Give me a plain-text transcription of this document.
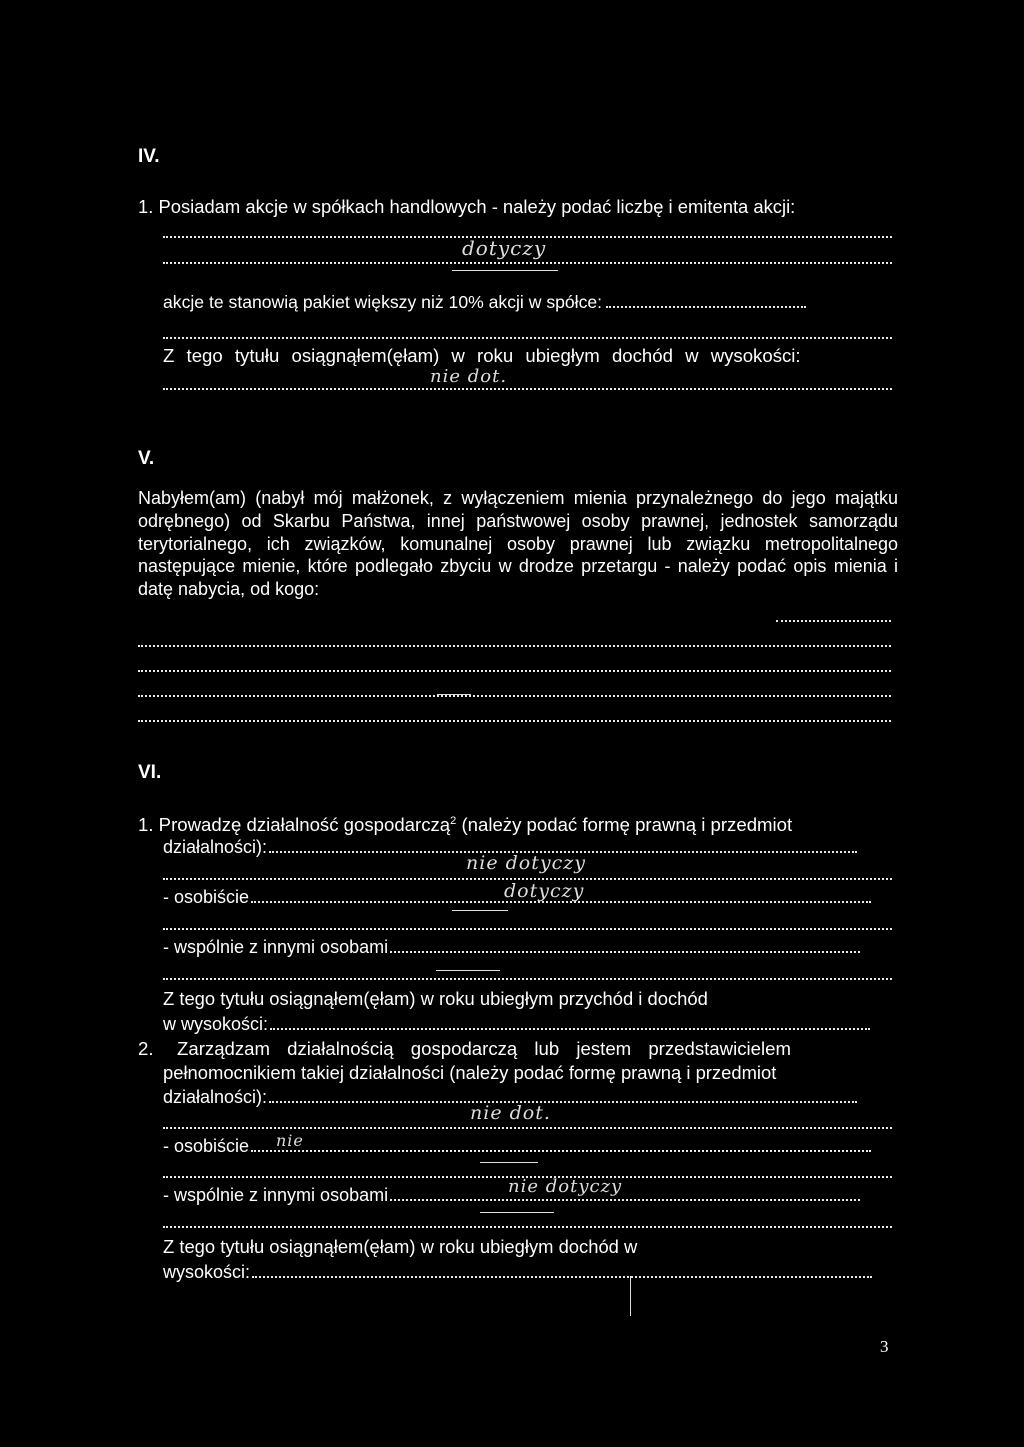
IV.
1. Posiadam akcje w spółkach handlowych - należy podać liczbę i emitenta akcji:
dotyczy
akcje te stanowią pakiet większy niż 10% akcji w spółce:
Z tego tytułu osiągnąłem(ęłam) w roku ubiegłym dochód w wysokości:
nie dot.
V.
Nabyłem(am) (nabył mój małżonek, z wyłączeniem mienia przynależnego do jego majątku odrębnego) od Skarbu Państwa, innej państwowej osoby prawnej, jednostek samorządu terytorialnego, ich związków, komunalnej osoby prawnej lub związku metropolitalnego następujące mienie, które podlegało zbyciu w drodze przetargu - należy podać opis mienia i datę nabycia, od kogo:
VI.
1. Prowadzę działalność gospodarczą$^2$ (należy podać formę prawną i przedmiot
działalności):
nie dotyczy
- osobiście	dotyczy
- wspólnie z innymi osobami
Z tego tytułu osiągnąłem(ęłam) w roku ubiegłym przychód i dochód
w wysokości:
2. Zarządzam działalnością gospodarczą lub jestem przedstawicielem
pełnomocnikiem takiej działalności (należy podać formę prawną i przedmiot
działalności):
nie dot.
- osobiście	nie
- wspólnie z innymi osobami	nie dotyczy
Z tego tytułu osiągnąłem(ęłam) w roku ubiegłym dochód w
wysokości:
3
